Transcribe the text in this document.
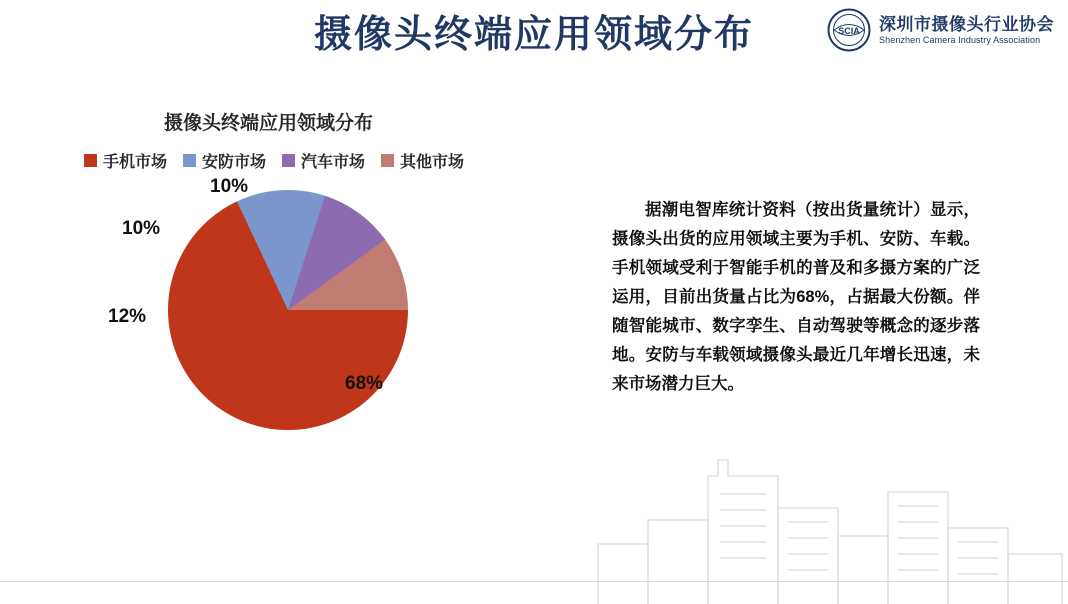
摄像头终端应用领域分布	SCIA 深圳市摄像头行业协会
Shenzhen Camera Industry Association
摄像头终端应用领域分布
手机市场 安防市场 汽车市场 其他市场
68%
12%
10%
10%

据潮电智库统计资料（按出货量统计）显示，摄像头出货的应用领域主要为手机、安防、车载。手机领域受利于智能手机的普及和多摄方案的广泛运用，目前出货量占比为68%，占据最大份额。伴随智能城市、数字孪生、自动驾驶等概念的逐步落地。安防与车载领域摄像头最近几年增长迅速，未来市场潜力巨大。
